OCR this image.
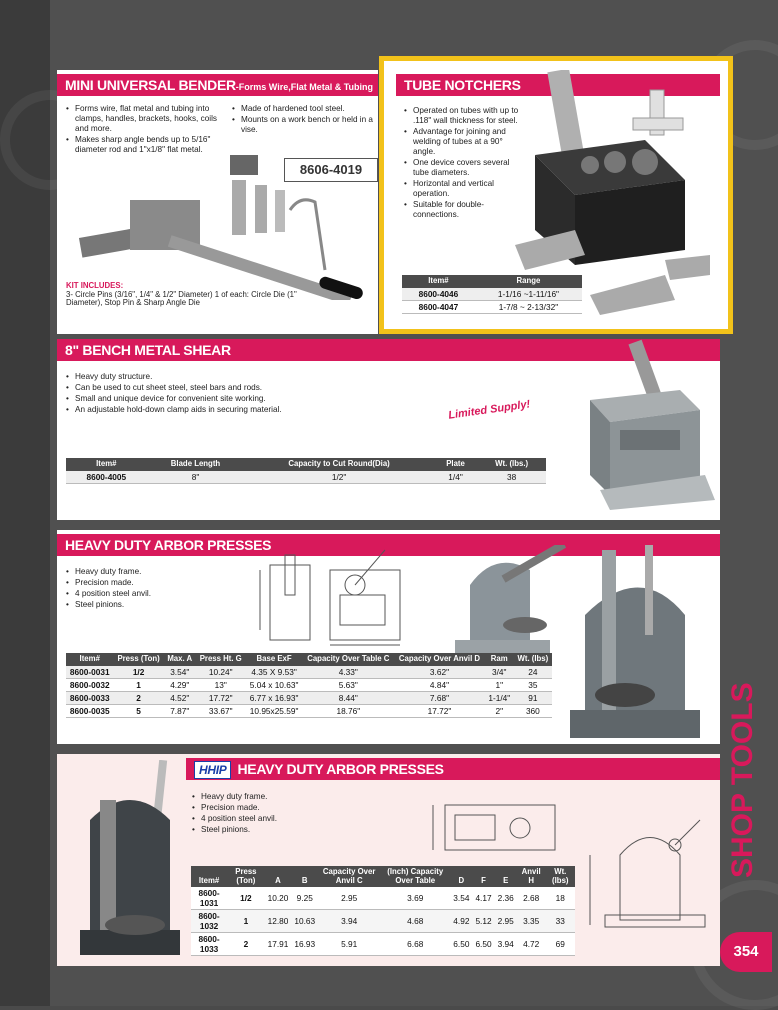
MINI UNIVERSAL BENDER-Forms Wire,Flat Metal & Tubing
• Forms wire, flat metal and tubing into clamps, handles, brackets, hooks, coils and more.
• Makes sharp angle bends up to 5/16" diameter rod and 1"x1/8" flat metal.
• Made of hardened tool steel.
• Mounts on a work bench or held in a vise.
8606-4019
KIT INCLUDES:
3- Circle Pins (3/16", 1/4" & 1/2" Diameter) 1 of each: Circle Die (1" Diameter), Stop Pin & Sharp Angle Die
TUBE NOTCHERS
• Operated on tubes with up to .118" wall thickness for steel.
• Advantage for joining and welding of tubes at a 90° angle.
• One device covers several tube diameters.
• Horizontal and vertical operation.
• Suitable for double-connections.
Item#	Range
8600-4046	1-1/16 ~1-11/16"
8600-4047	1-7/8 ~ 2-13/32"
8" BENCH METAL SHEAR
• Heavy duty structure.
• Can be used to cut sheet steel, steel bars and rods.
• Small and unique device for convenient site working.
• An adjustable hold-down clamp aids in securing material.	Limited Supply!
Item#	Blade Length	Capacity to Cut Round(Dia)	Plate	Wt. (lbs.)
8600-4005	8"	1/2"	1/4"	38
HEAVY DUTY ARBOR PRESSES
• Heavy duty frame.
• Precision made.
• 4 position steel anvil.
• Steel pinions.
Item#	Press (Ton)	Max. A	Press Ht. G	Base ExF	Capacity Over Table C	Capacity Over Anvil D	Ram	Wt. (lbs)
8600-0031	1/2	3.54"	10.24"	4.35 X 9.53"	4.33"	3.62"	3/4"	24
8600-0032	1	4.29"	13"	5.04 x 10.63"	5.63"	4.84"	1"	35
8600-0033	2	4.52"	17.72"	6.77 x 16.93"	8.44"	7.68"	1-1/4"	91
8600-0035	5	7.87"	33.67"	10.95x25.59"	18.76"	17.72"	2"	360
HHIP HEAVY DUTY ARBOR PRESSES
• Heavy duty frame.
• Precision made.
• 4 position steel anvil.
• Steel pinions.
Item#	Press (Ton)	A	B	Capacity Over Anvil C	(Inch) Capacity Over Table	D	F	E	Anvil H	Wt. (lbs)
8600-1031	1/2	10.20	9.25	2.95	3.69	3.54	4.17	2.36	2.68	18
8600-1032	1	12.80	10.63	3.94	4.68	4.92	5.12	2.95	3.35	33
8600-1033	2	17.91	16.93	5.91	6.68	6.50	6.50	3.94	4.72	69
SHOP TOOLS
354
